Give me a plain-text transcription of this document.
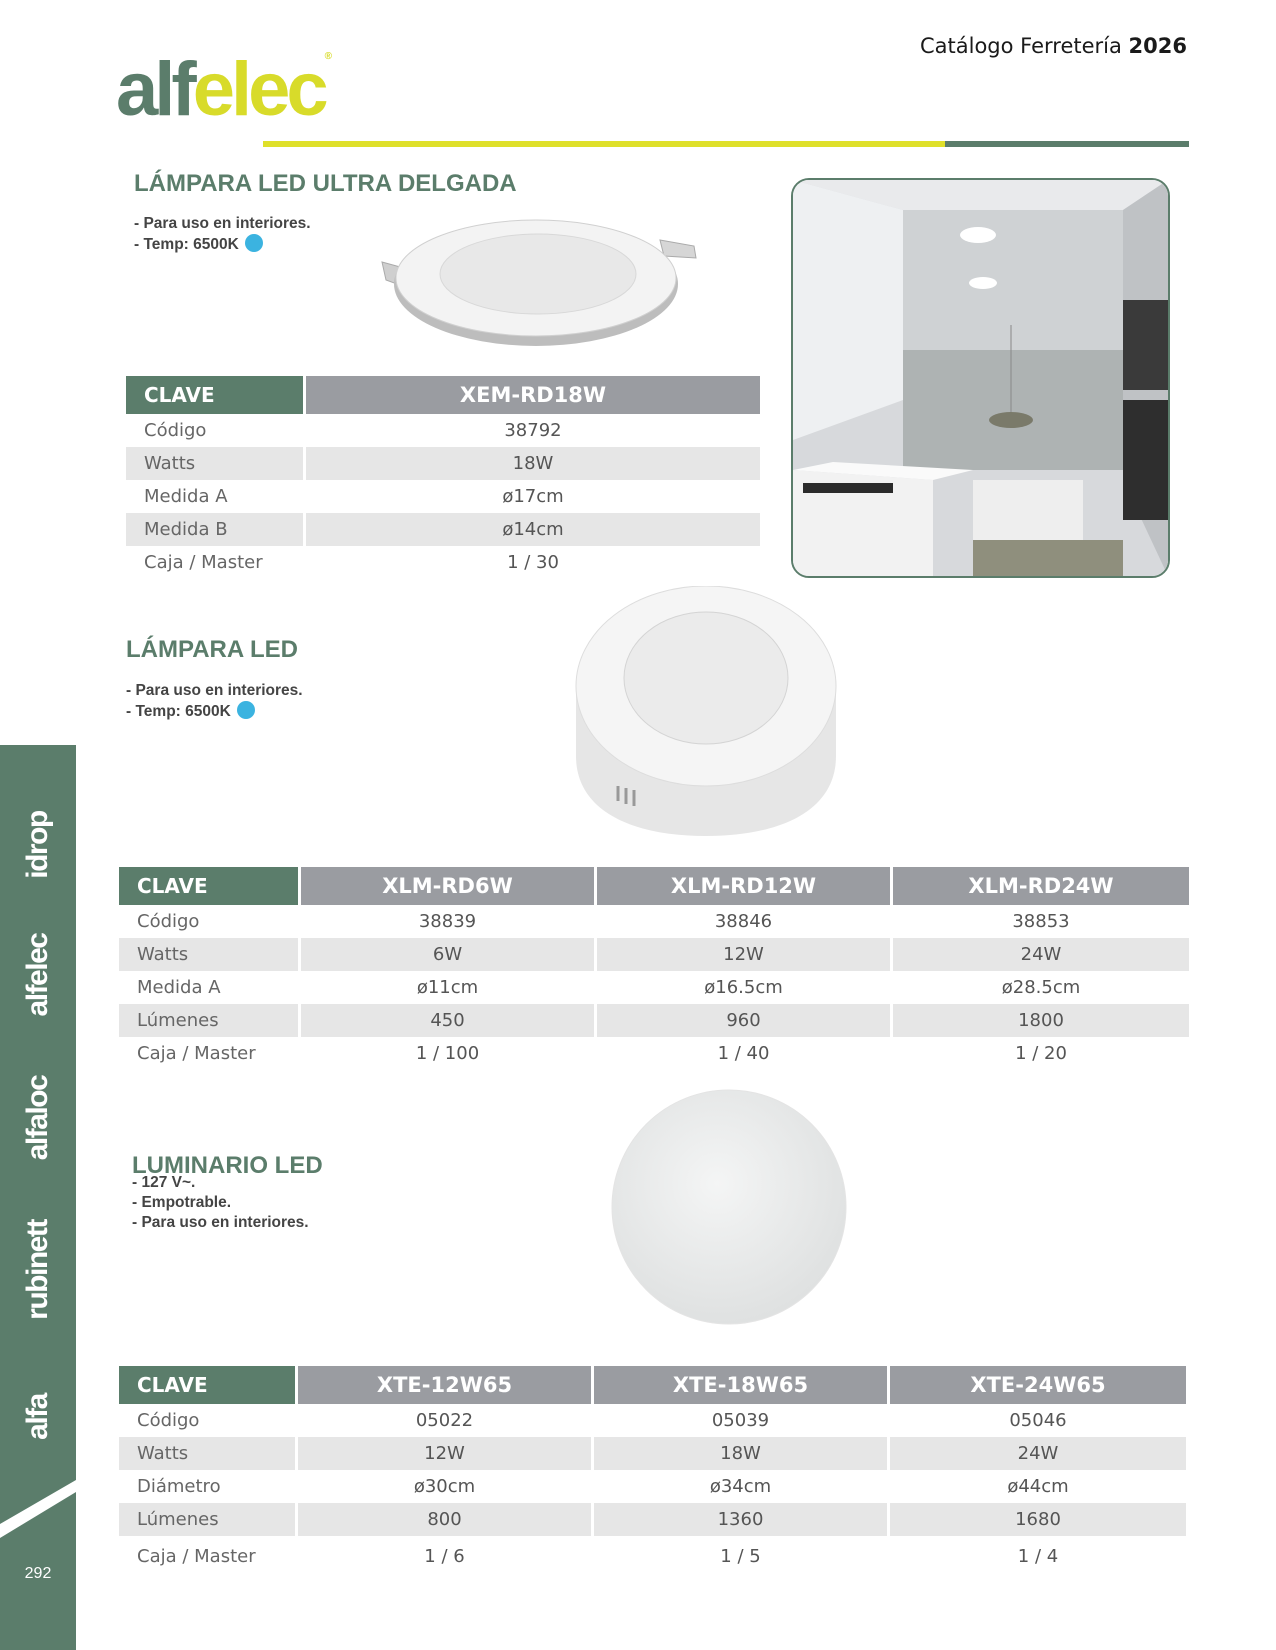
Catálogo Ferretería 2026
alfelec®
LÁMPARA LED ULTRA DELGADA
- Para uso en interiores.
- Temp: 6500K
CLAVE	XEM-RD18W
Código	38792
Watts	18W
Medida A	ø17cm
Medida B	ø14cm
Caja / Master	1 / 30
LÁMPARA LED
- Para uso en interiores.
- Temp: 6500K
CLAVE	XLM-RD6W	XLM-RD12W	XLM-RD24W
Código	38839	38846	38853
Watts	6W	12W	24W
Medida A	ø11cm	ø16.5cm	ø28.5cm
Lúmenes	450	960	1800
Caja / Master	1 / 100	1 / 40	1 / 20
LUMINARIO LED
- 127 V~.
- Empotrable.
- Para uso en interiores.
CLAVE	XTE-12W65	XTE-18W65	XTE-24W65
Código	05022	05039	05046
Watts	12W	18W	24W
Diámetro	ø30cm	ø34cm	ø44cm
Lúmenes	800	1360	1680
Caja / Master	1 / 6	1 / 5	1 / 4
idrop
alfelec
alfaloc
rubinett
alfa
292
